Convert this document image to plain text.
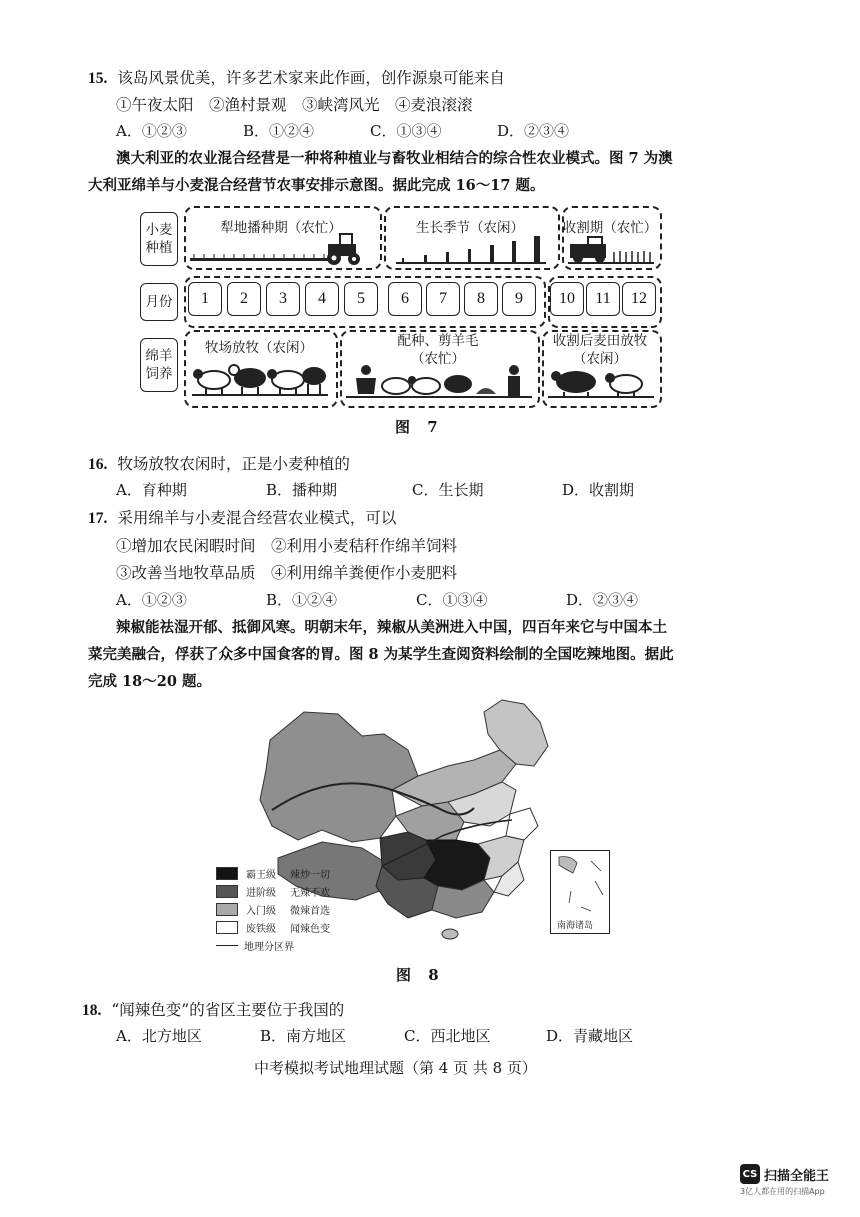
15. 该岛风景优美，许多艺术家来此作画，创作源泉可能来自
①午夜太阳　②渔村景观　③峡湾风光　④麦浪滚滚
A．①②③	B．①②④	C．①③④	D．②③④
澳大利亚的农业混合经营是一种将种植业与畜牧业相结合的综合性农业模式。图 7 为澳
大利亚绵羊与小麦混合经营节农事安排示意图。据此完成 16～17 题。
小麦
种植
月份
绵羊
饲养
犁地播种期（农忙）	生长季节（农闲）	收割期（农忙）
1	2	3	4	5	6	7	8	9	10	11	12
牧场放牧（农闲）	配种、剪羊毛
（农忙）
收割后麦田放牧
（农闲）
图 7
16. 牧场放牧农闲时，正是小麦种植的
A．育种期	B．播种期	C．生长期	D．收割期
17. 采用绵羊与小麦混合经营农业模式，可以
①增加农民闲暇时间　②利用小麦秸秆作绵羊饲料
③改善当地牧草品质　④利用绵羊粪便作小麦肥料
A．①②③	B．①②④	C．①③④	D．②③④
辣椒能祛湿开郁、抵御风寒。明朝末年，辣椒从美洲进入中国，四百年来它与中国本土
菜完美融合，俘获了众多中国食客的胃。图 8 为某学生查阅资料绘制的全国吃辣地图。据此
完成 18～20 题。
南海诸岛
霸王级	辣炒一切
进阶级	无辣不欢
入门级	微辣首选
废铁级	闻辣色变
地理分区界
图 8
18. “闻辣色变”的省区主要位于我国的
A．北方地区	B．南方地区	C．西北地区	D．青藏地区
中考模拟考试地理试题（第 4 页 共 8 页）
CS 扫描全能王
3亿人都在用的扫描App
